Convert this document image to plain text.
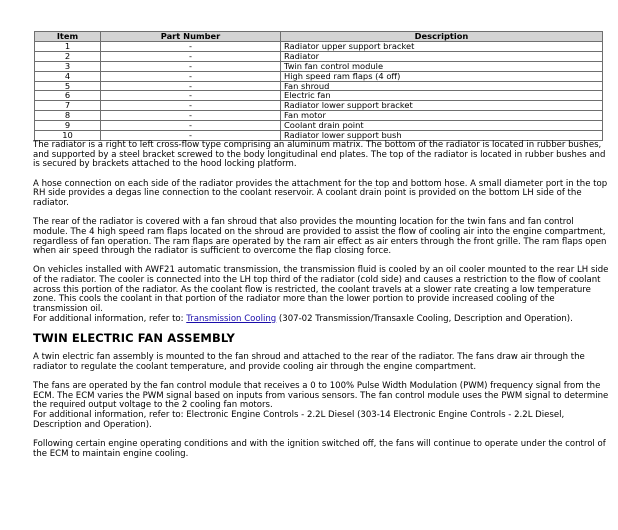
Item	Part Number	Description
1	-	Radiator upper support bracket
2	-	Radiator
3	-	Twin fan control module
4	-	High speed ram flaps (4 off)
5	-	Fan shroud
6	-	Electric fan
7	-	Radiator lower support bracket
8	-	Fan motor
9	-	Coolant drain point
10	-	Radiator lower support bush

The radiator is a right to left cross-flow type comprising an aluminum matrix. The bottom of the radiator is located in rubber bushes, and supported by a steel bracket screwed to the body longitudinal end plates. The top of the radiator is located in rubber bushes and is secured by brackets attached to the hood locking platform.

A hose connection on each side of the radiator provides the attachment for the top and bottom hose. A small diameter port in the top RH side provides a degas line connection to the coolant reservoir. A coolant drain point is provided on the bottom LH side of the radiator.

The rear of the radiator is covered with a fan shroud that also provides the mounting location for the twin fans and fan control module. The 4 high speed ram flaps located on the shroud are provided to assist the flow of cooling air into the engine compartment, regardless of fan operation. The ram flaps are operated by the ram air effect as air enters through the front grille. The ram flaps open when air speed through the radiator is sufficient to overcome the flap closing force.

On vehicles installed with AWF21 automatic transmission, the transmission fluid is cooled by an oil cooler mounted to the rear LH side of the radiator. The cooler is connected into the LH top third of the radiator (cold side) and causes a restriction to the flow of coolant across this portion of the radiator. As the coolant flow is restricted, the coolant travels at a slower rate creating a low temperature zone. This cools the coolant in that portion of the radiator more than the lower portion to provide increased cooling of the transmission oil.

For additional information, refer to: Transmission Cooling (307-02 Transmission/Transaxle Cooling, Description and Operation).

TWIN ELECTRIC FAN ASSEMBLY

A twin electric fan assembly is mounted to the fan shroud and attached to the rear of the radiator. The fans draw air through the radiator to regulate the coolant temperature, and provide cooling air through the engine compartment.

The fans are operated by the fan control module that receives a 0 to 100% Pulse Width Modulation (PWM) frequency signal from the ECM. The ECM varies the PWM signal based on inputs from various sensors. The fan control module uses the PWM signal to determine the required output voltage to the 2 cooling fan motors.

For additional information, refer to: Electronic Engine Controls - 2.2L Diesel (303-14 Electronic Engine Controls - 2.2L Diesel, Description and Operation).

Following certain engine operating conditions and with the ignition switched off, the fans will continue to operate under the control of the ECM to maintain engine cooling.
